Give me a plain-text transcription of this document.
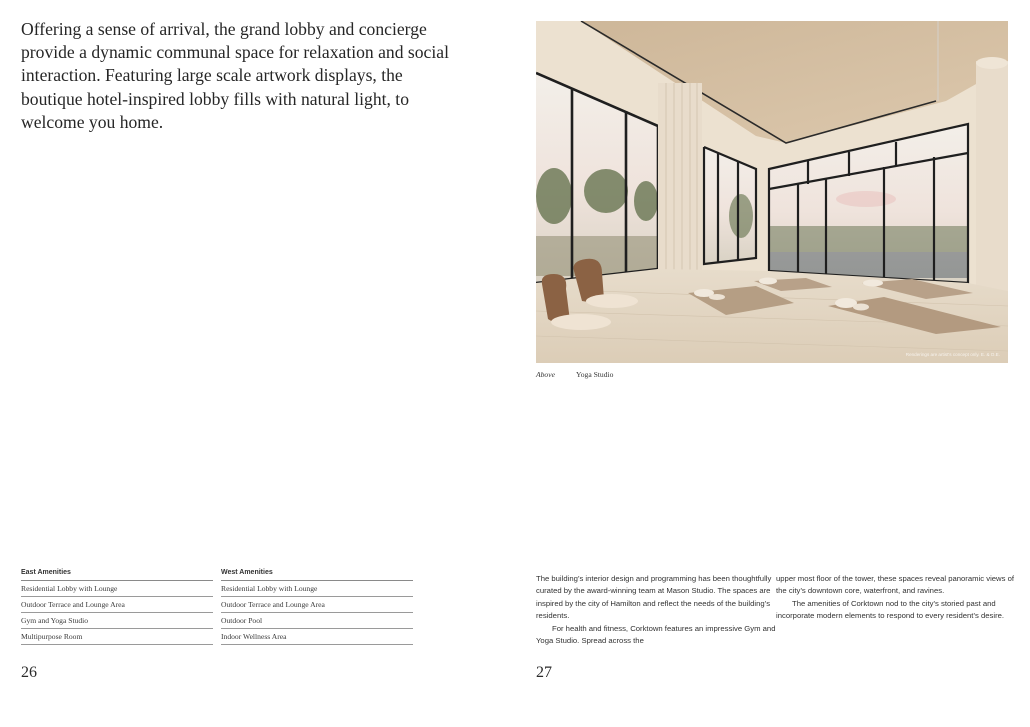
Offering a sense of arrival, the grand lobby and concierge provide a dynamic communal space for relaxation and social interaction. Featuring large scale artwork displays, the boutique hotel-inspired lobby fills with natural light, to welcome you home.

East Amenities
Residential Lobby with Lounge
Outdoor Terrace and Lounge Area
Gym and Yoga Studio
Multipurpose Room
West Amenities
Residential Lobby with Lounge
Outdoor Terrace and Lounge Area
Outdoor Pool
Indoor Wellness Area
26
Renderings are artist's concept only. E. & O.E.
Above	Yoga Studio

The building’s interior design and programming has been thoughtfully curated by the award-winning team at Mason Studio. The spaces are inspired by the city of Hamilton and reflect the needs of the building’s residents.

For health and fitness, Corktown features an impressive Gym and Yoga Studio. Spread across the

upper most floor of the tower, these spaces reveal panoramic views of the city’s downtown core, waterfront, and ravines.

The amenities of Corktown nod to the city’s storied past and incorporate modern elements to respond to every resident’s desire.

27
